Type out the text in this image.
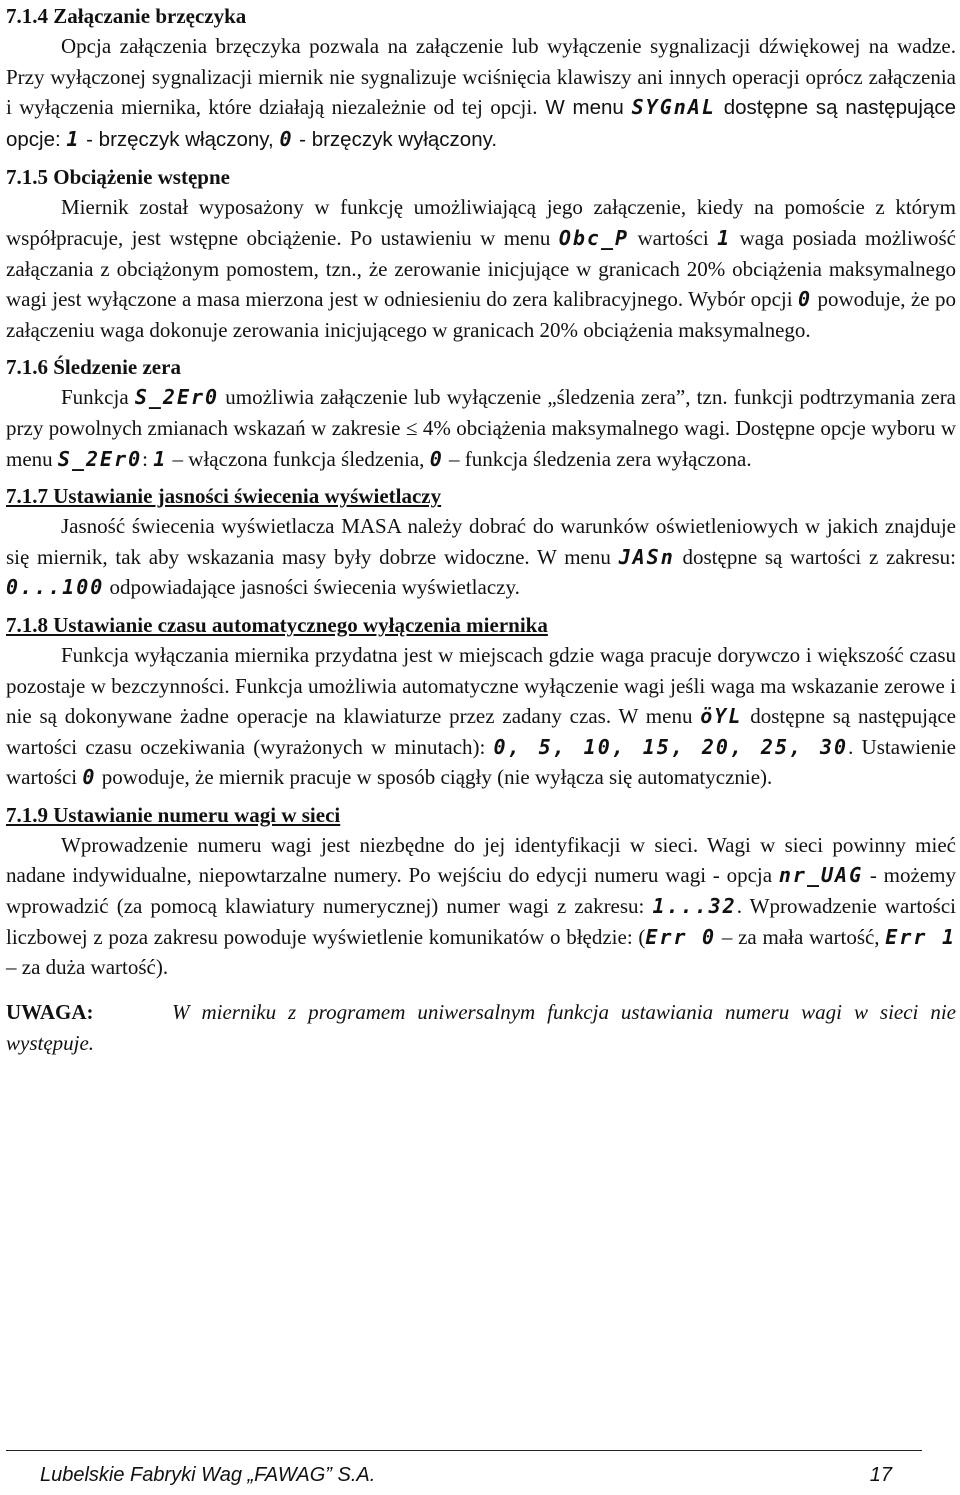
7.1.4 Załączanie brzęczyka

Opcja załączenia brzęczyka pozwala na załączenie lub wyłączenie sygnalizacji dźwiękowej na wadze. Przy wyłączonej sygnalizacji miernik nie sygnalizuje wciśnięcia klawiszy ani innych operacji oprócz załączenia i wyłączenia miernika, które działają niezależnie od tej opcji. W menu SYGnAL dostępne są następujące opcje: 1 - brzęczyk włączony, 0 - brzęczyk wyłączony.

7.1.5 Obciążenie wstępne

Miernik został wyposażony w funkcję umożliwiającą jego załączenie, kiedy na pomoście z którym współpracuje, jest wstępne obciążenie. Po ustawieniu w menu Obc_P wartości 1 waga posiada możliwość załączania z obciążonym pomostem, tzn., że zerowanie inicjujące w granicach 20% obciążenia maksymalnego wagi jest wyłączone a masa mierzona jest w odniesieniu do zera kalibracyjnego. Wybór opcji 0 powoduje, że po załączeniu waga dokonuje zerowania inicjującego w granicach 20% obciążenia maksymalnego.

7.1.6 Śledzenie zera

Funkcja S_2Er0 umożliwia załączenie lub wyłączenie „śledzenia zera”, tzn. funkcji podtrzymania zera przy powolnych zmianach wskazań w zakresie ≤ 4% obciążenia maksymalnego wagi. Dostępne opcje wyboru w menu S_2Er0: 1 – włączona funkcja śledzenia, 0 – funkcja śledzenia zera wyłączona.

7.1.7 Ustawianie jasności świecenia wyświetlaczy

Jasność świecenia wyświetlacza MASA należy dobrać do warunków oświetleniowych w jakich znajduje się miernik, tak aby wskazania masy były dobrze widoczne. W menu JASn dostępne są wartości z zakresu: 0...100 odpowiadające jasności świecenia wyświetlaczy.

7.1.8 Ustawianie czasu automatycznego wyłączenia miernika

Funkcja wyłączania miernika przydatna jest w miejscach gdzie waga pracuje dorywczo i większość czasu pozostaje w bezczynności. Funkcja umożliwia automatyczne wyłączenie wagi jeśli waga ma wskazanie zerowe i nie są dokonywane żadne operacje na klawiaturze przez zadany czas. W menu öYL dostępne są następujące wartości czasu oczekiwania (wyrażonych w minutach): 0, 5, 10, 15, 20, 25, 30. Ustawienie wartości 0 powoduje, że miernik pracuje w sposób ciągły (nie wyłącza się automatycznie).

7.1.9 Ustawianie numeru wagi w sieci

Wprowadzenie numeru wagi jest niezbędne do jej identyfikacji w sieci. Wagi w sieci powinny mieć nadane indywidualne, niepowtarzalne numery. Po wejściu do edycji numeru wagi - opcja nr_UAG - możemy wprowadzić (za pomocą klawiatury numerycznej) numer wagi z zakresu: 1...32. Wprowadzenie wartości liczbowej z poza zakresu powoduje wyświetlenie komunikatów o błędzie: (Err 0 – za mała wartość, Err 1 – za duża wartość).

UWAGA:	W mierniku z programem uniwersalnym funkcja ustawiania numeru wagi w sieci nie występuje.
Lubelskie Fabryki Wag „FAWAG” S.A.	17
